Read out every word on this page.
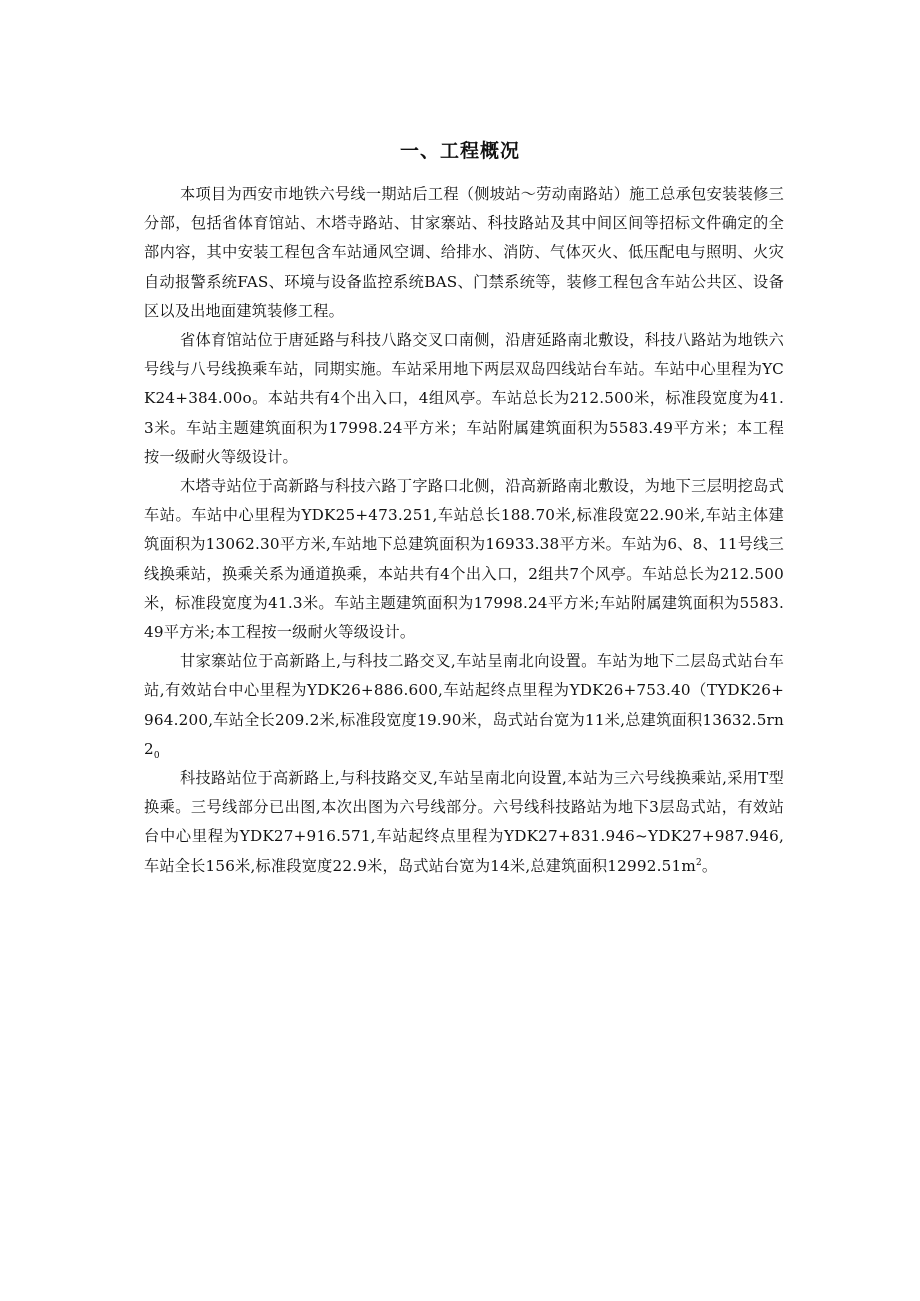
一、工程概况

本项目为西安市地铁六号线一期站后工程（侧坡站～劳动南路站）施工总承包安装装修三分部，包括省体育馆站、木塔寺路站、甘家寨站、科技路站及其中间区间等招标文件确定的全部内容，其中安装工程包含车站通风空调、给排水、消防、气体灭火、低压配电与照明、火灾自动报警系统FAS、环境与设备监控系统BAS、门禁系统等，装修工程包含车站公共区、设备区以及出地面建筑装修工程。

省体育馆站位于唐延路与科技八路交叉口南侧，沿唐延路南北敷设，科技八路站为地铁六号线与八号线换乘车站，同期实施。车站采用地下两层双岛四线站台车站。车站中心里程为YCK24+384.00o。本站共有4个出入口，4组风亭。车站总长为212.500米，标准段宽度为41.3米。车站主题建筑面积为17998.24平方米；车站附属建筑面积为5583.49平方米；本工程按一级耐火等级设计。

木塔寺站位于高新路与科技六路丁字路口北侧，沿高新路南北敷设，为地下三层明挖岛式车站。车站中心里程为YDK25+473.251,车站总长188.70米,标准段宽22.90米,车站主体建筑面积为13062.30平方米,车站地下总建筑面积为16933.38平方米。车站为6、8、11号线三线换乘站，换乘关系为通道换乘，本站共有4个出入口，2组共7个风亭。车站总长为212.500米，标准段宽度为41.3米。车站主题建筑面积为17998.24平方米;车站附属建筑面积为5583.49平方米;本工程按一级耐火等级设计。

甘家寨站位于高新路上,与科技二路交叉,车站呈南北向设置。车站为地下二层岛式站台车站,有效站台中心里程为YDK26+886.600,车站起终点里程为YDK26+753.40（TYDK26+964.200,车站全长209.2米,标准段宽度19.90米，岛式站台宽为11米,总建筑面积$13632.5rn2_0$

科技路站位于高新路上,与科技路交叉,车站呈南北向设置,本站为三六号线换乘站,采用T型换乘。三号线部分已出图,本次出图为六号线部分。六号线科技路站为地下3层岛式站，有效站台中心里程为YDK27+916.571,车站起终点里程为YDK27+831.946~YDK27+987.946,车站全长156米,标准段宽度22.9米，岛式站台宽为14米,总建筑面积$12992.51m^2$。
